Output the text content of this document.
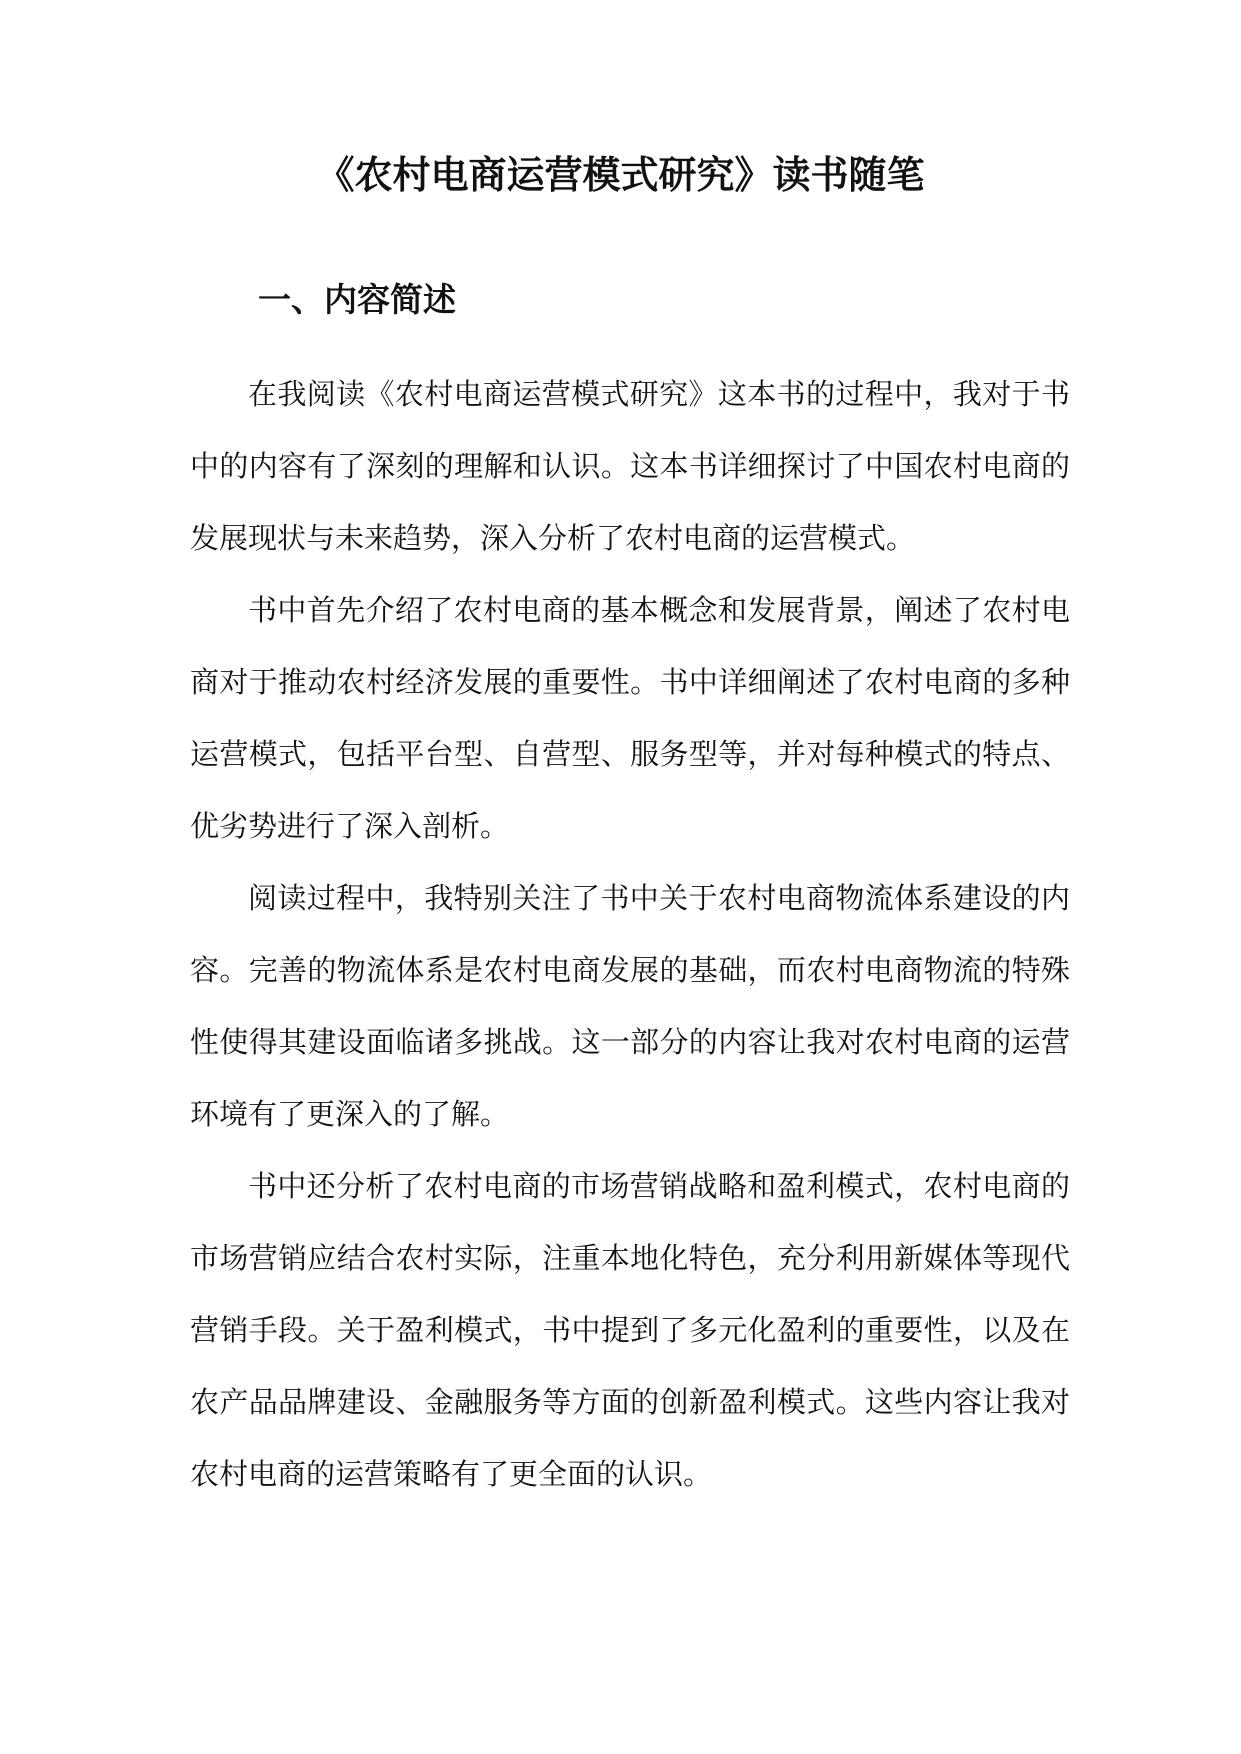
《农村电商运营模式研究》读书随笔
一、内容简述

在我阅读《农村电商运营模式研究》这本书的过程中，我对于书中的内容有了深刻的理解和认识。这本书详细探讨了中国农村电商的发展现状与未来趋势，深入分析了农村电商的运营模式。

书中首先介绍了农村电商的基本概念和发展背景，阐述了农村电商对于推动农村经济发展的重要性。书中详细阐述了农村电商的多种运营模式，包括平台型、自营型、服务型等，并对每种模式的特点、优劣势进行了深入剖析。

阅读过程中，我特别关注了书中关于农村电商物流体系建设的内容。完善的物流体系是农村电商发展的基础，而农村电商物流的特殊性使得其建设面临诸多挑战。这一部分的内容让我对农村电商的运营环境有了更深入的了解。

书中还分析了农村电商的市场营销战略和盈利模式，农村电商的市场营销应结合农村实际，注重本地化特色，充分利用新媒体等现代营销手段。关于盈利模式，书中提到了多元化盈利的重要性，以及在农产品品牌建设、金融服务等方面的创新盈利模式。这些内容让我对农村电商的运营策略有了更全面的认识。
